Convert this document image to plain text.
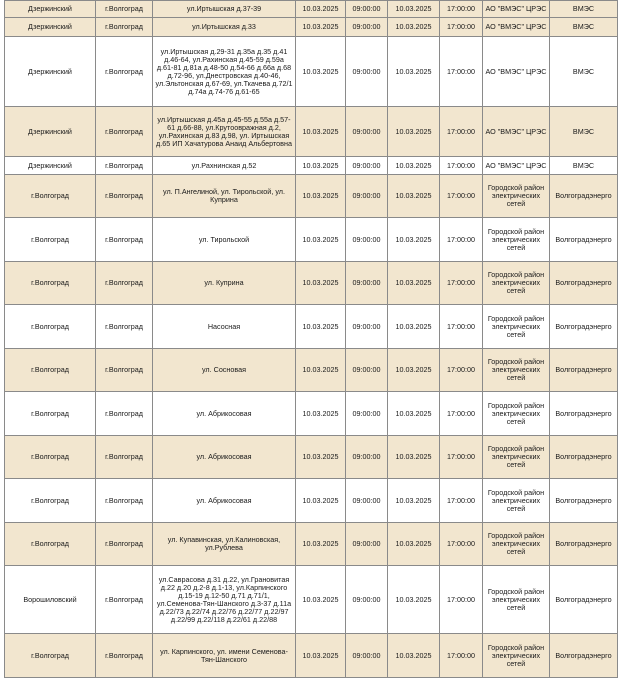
Дзержинский	г.Волгоград	ул.Иртышская д.37-39	10.03.2025	09:00:00	10.03.2025	17:00:00	АО "ВМЭС" ЦРЭС	ВМЭС
Дзержинский	г.Волгоград	ул.Иртышская д.33	10.03.2025	09:00:00	10.03.2025	17:00:00	АО "ВМЭС" ЦРЭС	ВМЭС
Дзержинский	г.Волгоград	ул.Иртышская д.29-31 д.35а д.35 д.41 д.46-64, ул.Рахинская д.45-59 д.59а д.61-81 д.81а д.48-50 д.54-66 д.66а д.68 д.72-96, ул.Днестровская д.40-46, ул.Эльтонская д.67-69, ул.Ткачева д.72/1 д.74а д.74-76 д.61-65	10.03.2025	09:00:00	10.03.2025	17:00:00	АО "ВМЭС" ЦРЭС	ВМЭС
Дзержинский	г.Волгоград	ул.Иртышская д.45а д.45-55 д.55а д.57-61 д.66-88, ул.Крутоовражная д.2, ул.Рахинская д.83 д.98, ул. Иртышская д.65 ИП Хачатурова Анаид Альбертовна	10.03.2025	09:00:00	10.03.2025	17:00:00	АО "ВМЭС" ЦРЭС	ВМЭС
Дзержинский	г.Волгоград	ул.Рахнинская д.52	10.03.2025	09:00:00	10.03.2025	17:00:00	АО "ВМЭС" ЦРЭС	ВМЭС
г.Волгоград	г.Волгоград	ул. П.Ангелиной, ул. Тирольской, ул. Куприна	10.03.2025	09:00:00	10.03.2025	17:00:00	Городской район электрических сетей	Волгоградэнерго
г.Волгоград	г.Волгоград	ул. Тирольской	10.03.2025	09:00:00	10.03.2025	17:00:00	Городской район электрических сетей	Волгоградэнерго
г.Волгоград	г.Волгоград	ул. Куприна	10.03.2025	09:00:00	10.03.2025	17:00:00	Городской район электрических сетей	Волгоградэнерго
г.Волгоград	г.Волгоград	Насосная	10.03.2025	09:00:00	10.03.2025	17:00:00	Городской район электрических сетей	Волгоградэнерго
г.Волгоград	г.Волгоград	ул. Сосновая	10.03.2025	09:00:00	10.03.2025	17:00:00	Городской район электрических сетей	Волгоградэнерго
г.Волгоград	г.Волгоград	ул. Абрикосовая	10.03.2025	09:00:00	10.03.2025	17:00:00	Городской район электрических сетей	Волгоградэнерго
г.Волгоград	г.Волгоград	ул. Абрикосовая	10.03.2025	09:00:00	10.03.2025	17:00:00	Городской район электрических сетей	Волгоградэнерго
г.Волгоград	г.Волгоград	ул. Абрикосовая	10.03.2025	09:00:00	10.03.2025	17:00:00	Городской район электрических сетей	Волгоградэнерго
г.Волгоград	г.Волгоград	ул. Купавинская, ул.Калиновская, ул.Рублева	10.03.2025	09:00:00	10.03.2025	17:00:00	Городской район электрических сетей	Волгоградэнерго
Ворошиловский	г.Волгоград	ул.Саврасова д.31 д.22, ул.Грановитая д.22 д.20 д.2-8 д.1-13, ул.Карпинского д.15-19 д.12-50 д.71 д.71/1, ул.Семенова-Тян-Шанского д.3-37 д.11а д.22/73 д.22/74 д.22/76 д.22/77 д.22/97 д.22/99 д.22/118 д.22/61 д.22/88	10.03.2025	09:00:00	10.03.2025	17:00:00	Городской район электрических сетей	Волгоградэнерго
г.Волгоград	г.Волгоград	ул. Карпинского, ул. имени Семенова-Тян-Шанского	10.03.2025	09:00:00	10.03.2025	17:00:00	Городской район электрических сетей	Волгоградэнерго
